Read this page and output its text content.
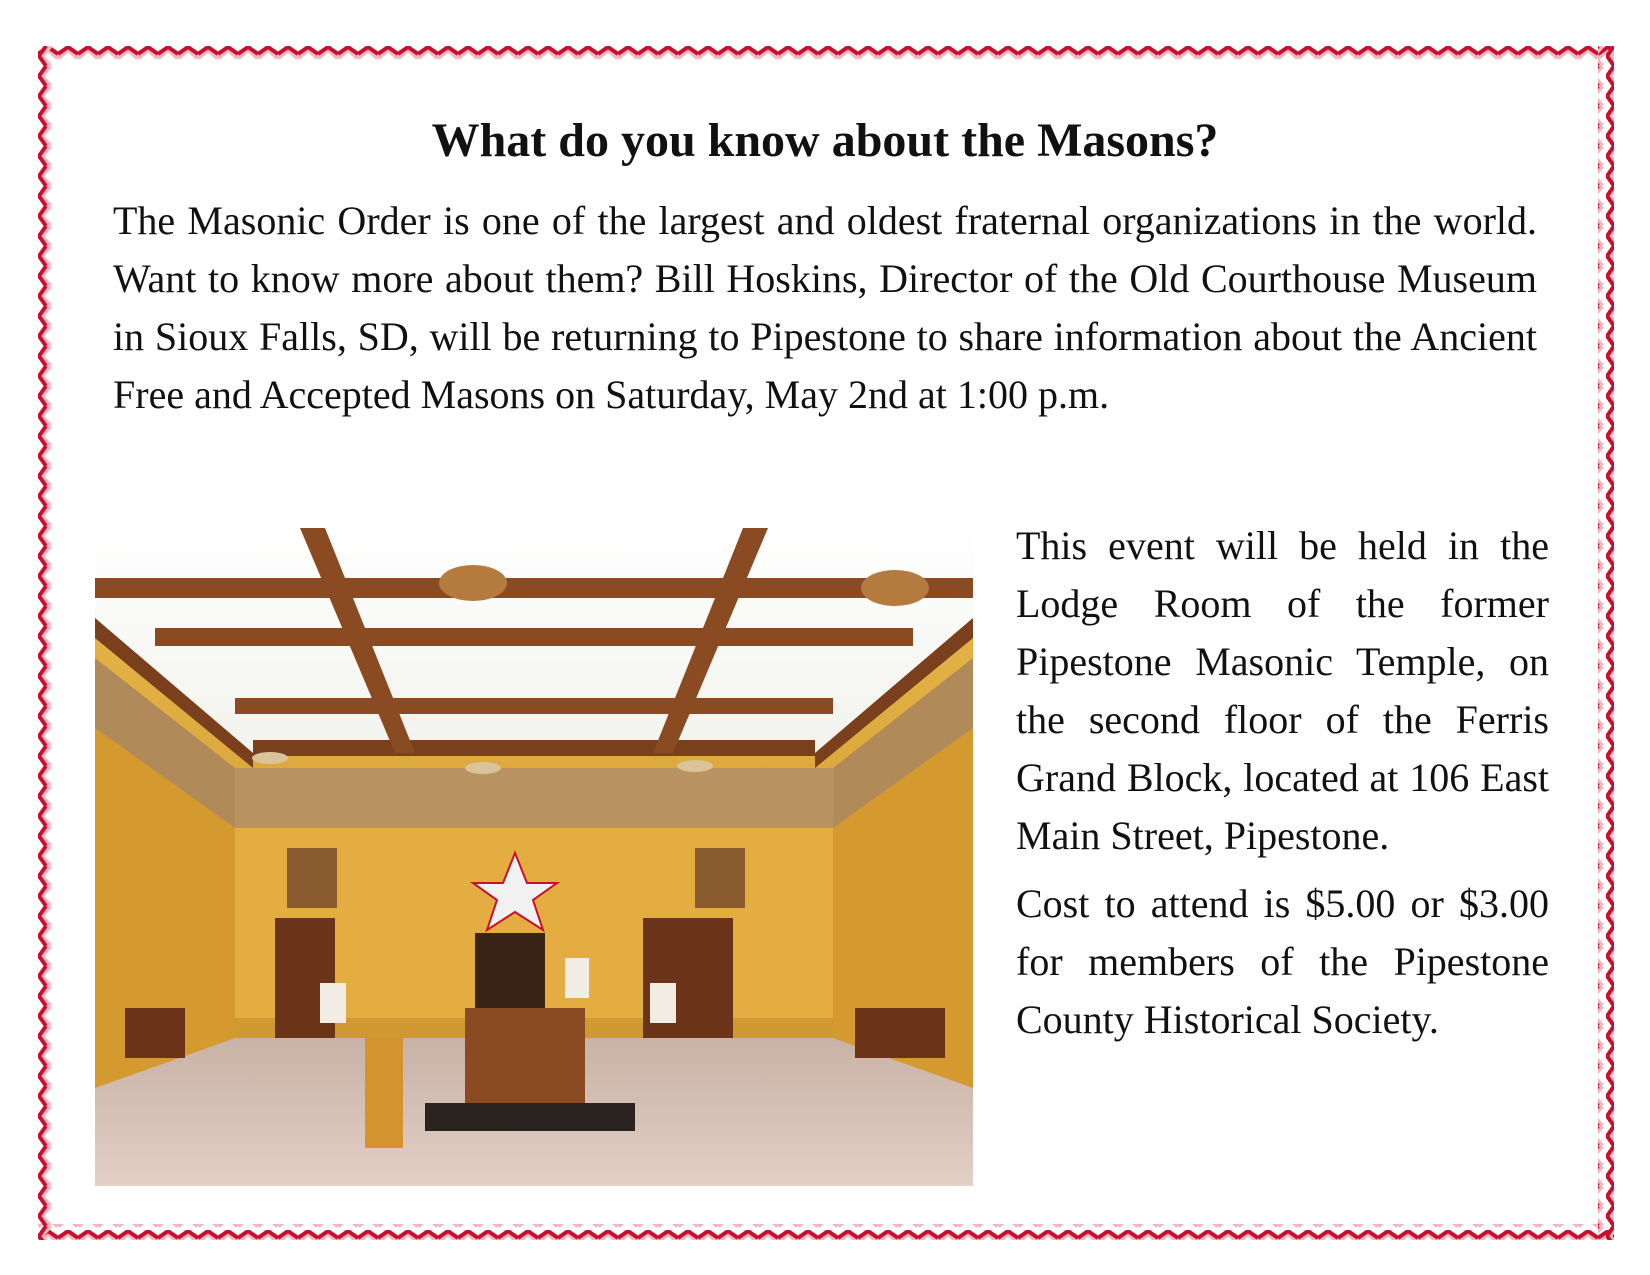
What do you know about the Masons?

The Masonic Order is one of the largest and oldest fraternal organizations in the world. Want to know more about them? Bill Hoskins, Director of the Old Courthouse Museum in Sioux Falls, SD, will be returning to Pipestone to share information about the Ancient Free and Accepted Masons on Saturday, May 2nd at 1:00 p.m.

This event will be held in the Lodge Room of the former Pipestone Masonic Temple, on the second floor of the Ferris Grand Block, located at 106 East Main Street, Pipestone.

Cost to attend is $5.00 or $3.00 for members of the Pipestone County Historical Society.
